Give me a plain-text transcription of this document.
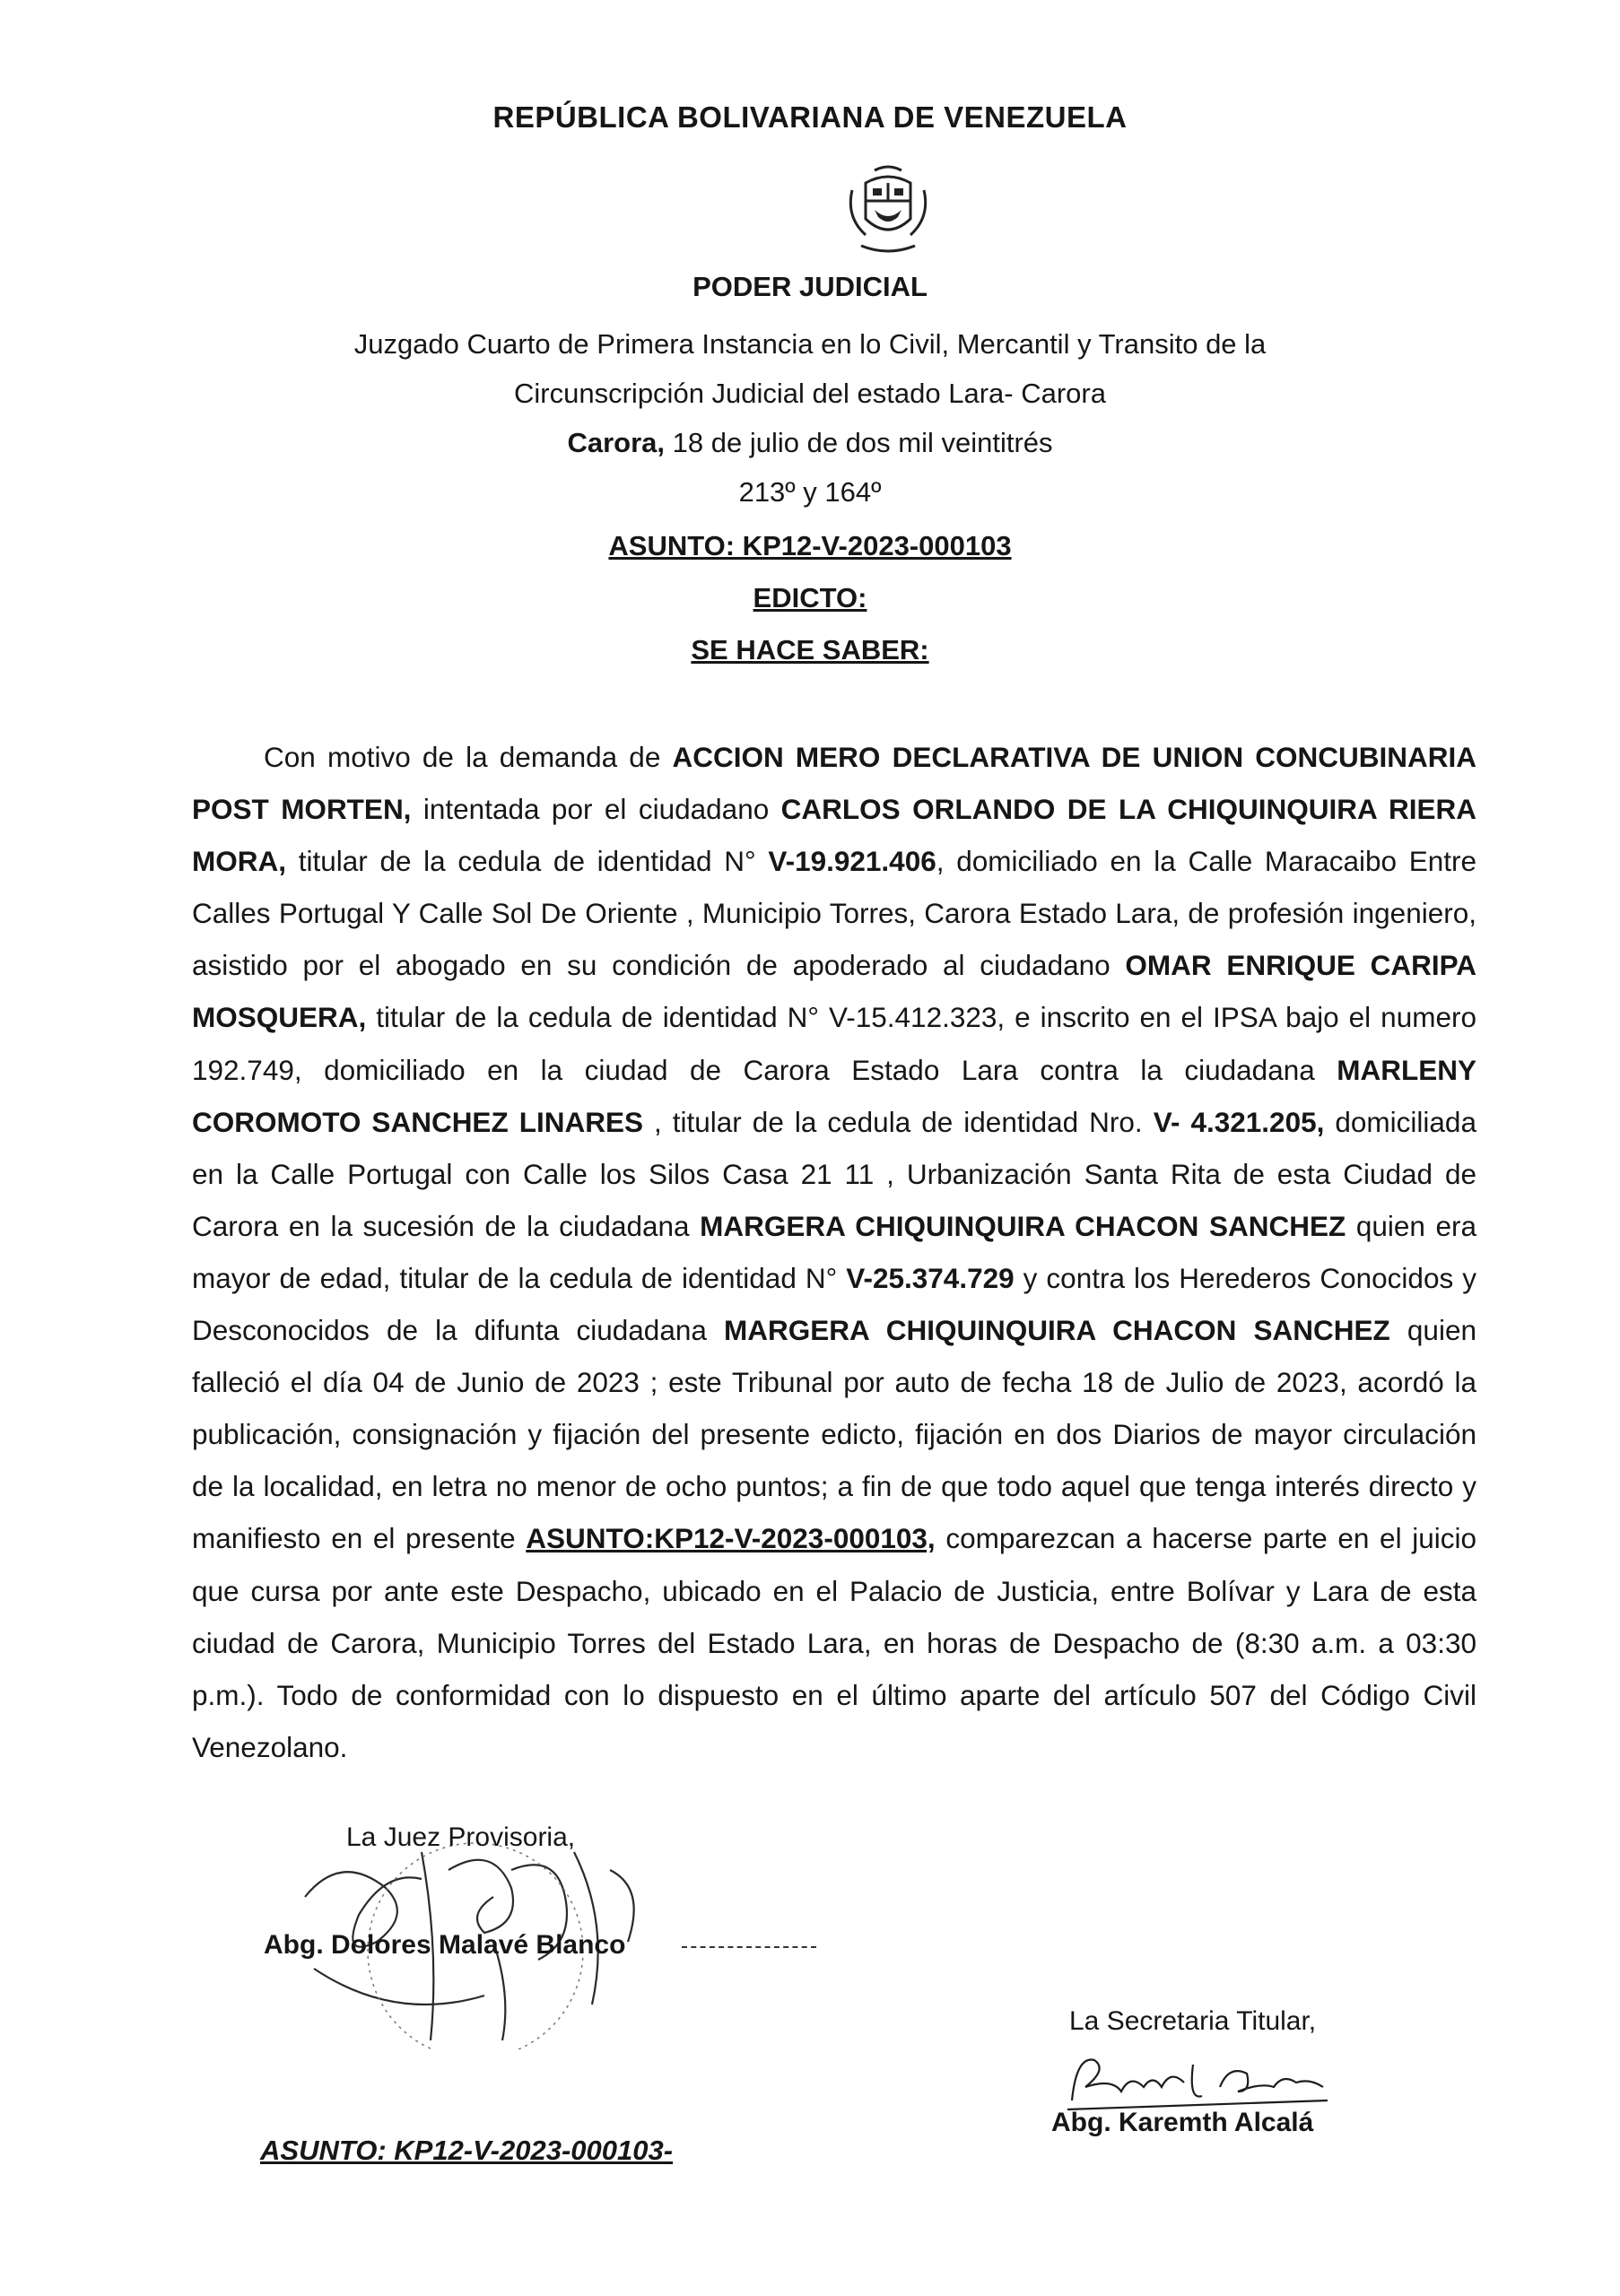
REPÚBLICA BOLIVARIANA DE VENEZUELA
PODER JUDICIAL
Juzgado Cuarto de Primera Instancia en lo Civil, Mercantil y Transito de la
Circunscripción Judicial del estado Lara- Carora
Carora, 18 de julio de dos mil veintitrés
213º y 164º
ASUNTO: KP12-V-2023-000103
EDICTO:
SE HACE SABER:

Con motivo de la demanda de ACCION MERO DECLARATIVA DE UNION CONCUBINARIA POST MORTEN, intentada por el ciudadano CARLOS ORLANDO DE LA CHIQUINQUIRA RIERA MORA, titular de la cedula de identidad N° V-19.921.406, domiciliado en la Calle Maracaibo Entre Calles Portugal Y Calle Sol De Oriente , Municipio Torres, Carora Estado Lara, de profesión ingeniero, asistido por el abogado en su condición de apoderado al ciudadano OMAR ENRIQUE CARIPA MOSQUERA, titular de la cedula de identidad N° V-15.412.323, e inscrito en el IPSA bajo el numero 192.749, domiciliado en la ciudad de Carora Estado Lara contra la ciudadana MARLENY COROMOTO SANCHEZ LINARES , titular de la cedula de identidad Nro. V- 4.321.205, domiciliada en la Calle Portugal con Calle los Silos Casa 21 11 , Urbanización Santa Rita de esta Ciudad de Carora en la sucesión de la ciudadana MARGERA CHIQUINQUIRA CHACON SANCHEZ quien era mayor de edad, titular de la cedula de identidad N° V-25.374.729 y contra los Herederos Conocidos y Desconocidos de la difunta ciudadana MARGERA CHIQUINQUIRA CHACON SANCHEZ quien falleció el día 04 de Junio de 2023 ; este Tribunal por auto de fecha 18 de Julio de 2023, acordó la publicación, consignación y fijación del presente edicto, fijación en dos Diarios de mayor circulación de la localidad, en letra no menor de ocho puntos; a fin de que todo aquel que tenga interés directo y manifiesto en el presente ASUNTO:KP12-V-2023-000103, comparezcan a hacerse parte en el juicio que cursa por ante este Despacho, ubicado en el Palacio de Justicia, entre Bolívar y Lara de esta ciudad de Carora, Municipio Torres del Estado Lara, en horas de Despacho de (8:30 a.m. a 03:30 p.m.). Todo de conformidad con lo dispuesto en el último aparte del artículo 507 del Código Civil Venezolano.

La Juez Provisoria,
Abg. Dolores Malavé Blanco
La Secretaria Titular,
Abg. Karemth Alcalá
ASUNTO: KP12-V-2023-000103-
